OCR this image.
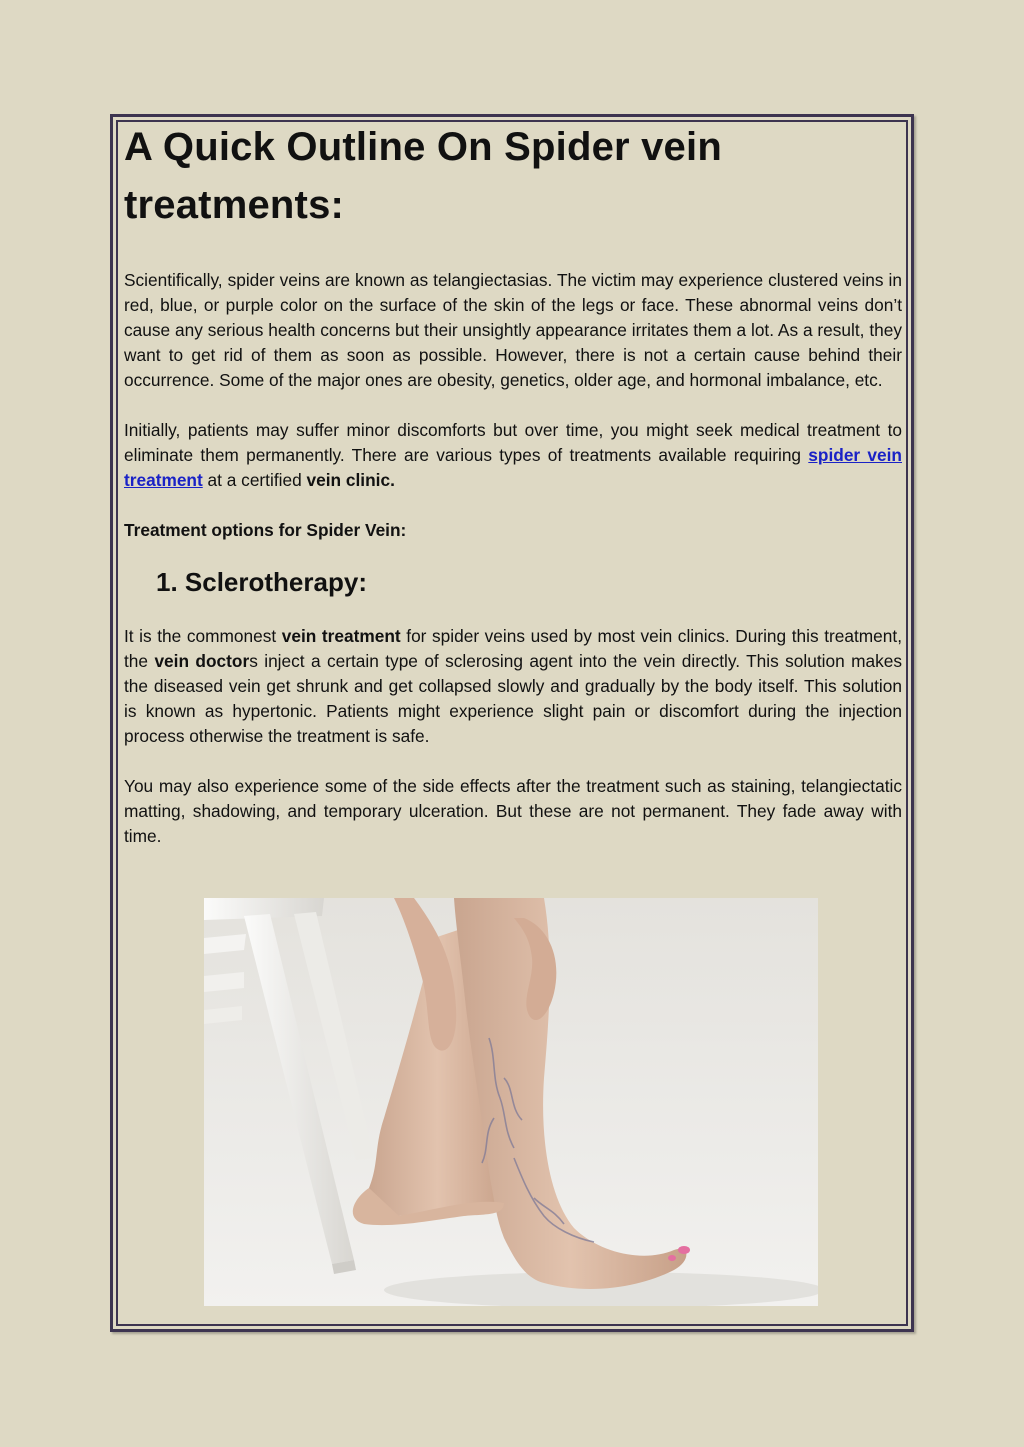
A Quick Outline On Spider vein treatments:

Scientifically, spider veins are known as telangiectasias. The victim may experience clustered veins in red, blue, or purple color on the surface of the skin of the legs or face. These abnormal veins don’t cause any serious health concerns but their unsightly appearance irritates them a lot. As a result, they want to get rid of them as soon as possible. However, there is not a certain cause behind their occurrence. Some of the major ones are obesity, genetics, older age, and hormonal imbalance, etc.

Initially, patients may suffer minor discomforts but over time, you might seek medical treatment to eliminate them permanently. There are various types of treatments available requiring spider vein treatment at a certified vein clinic.

Treatment options for Spider Vein:

1. Sclerotherapy:

It is the commonest vein treatment for spider veins used by most vein clinics. During this treatment, the vein doctors inject a certain type of sclerosing agent into the vein directly. This solution makes the diseased vein get shrunk and get collapsed slowly and gradually by the body itself. This solution is known as hypertonic. Patients might experience slight pain or discomfort during the injection process otherwise the treatment is safe.

You may also experience some of the side effects after the treatment such as staining, telangiectatic matting, shadowing, and temporary ulceration. But these are not permanent. They fade away with time.
